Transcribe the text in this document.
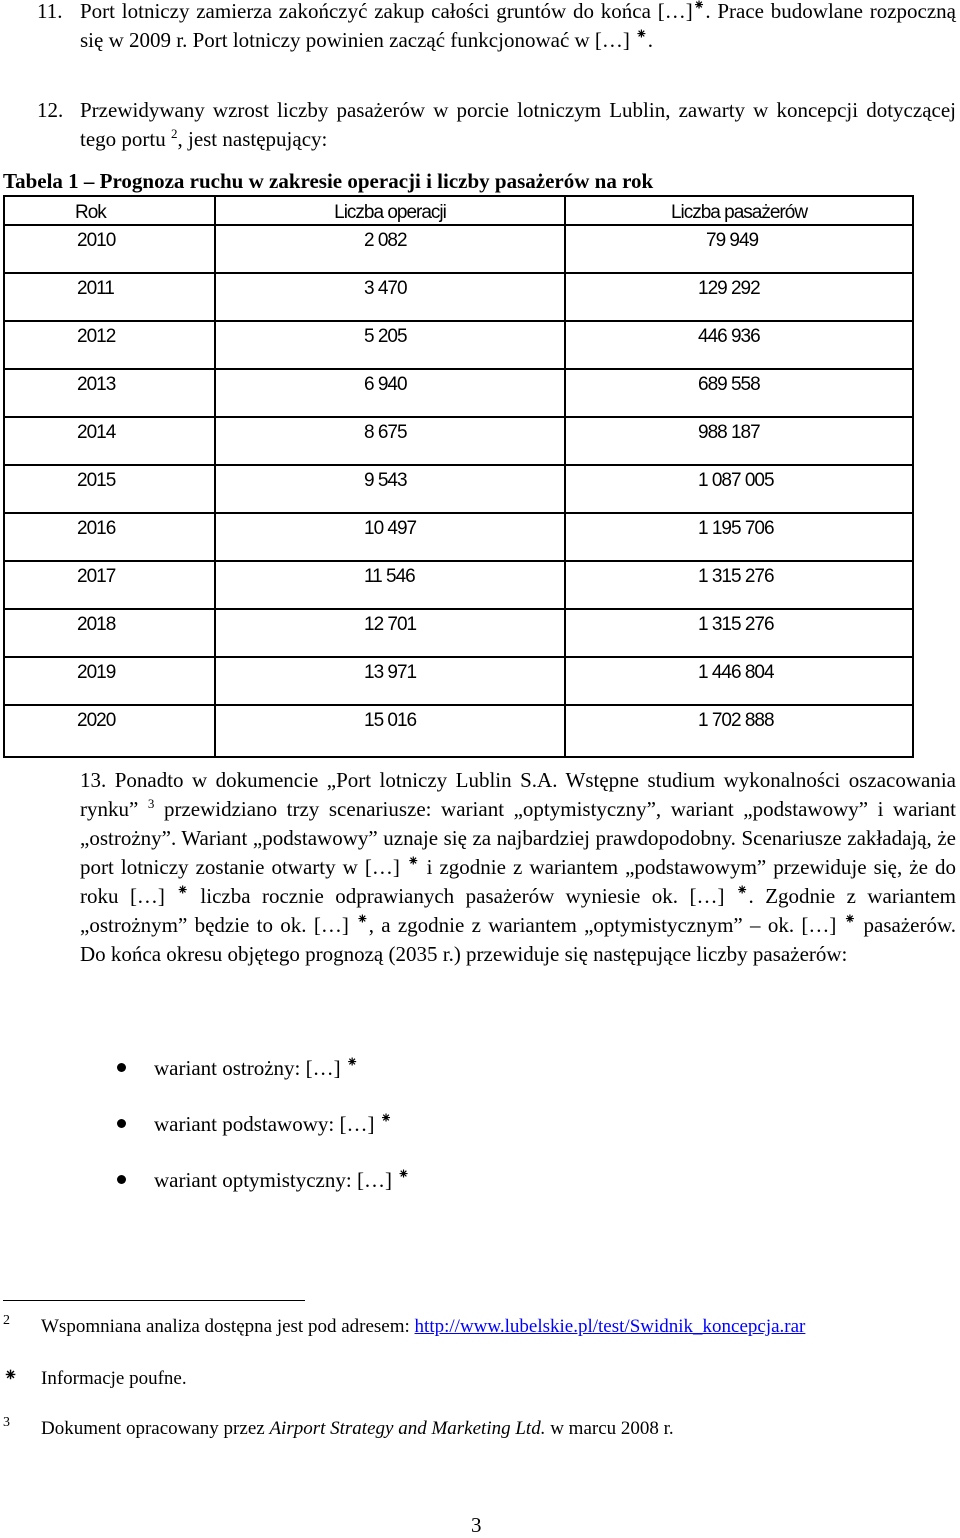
11. Port lotniczy zamierza zakończyć zakup całości gruntów do końca […]⁕. Prace budowlane rozpoczną się w 2009 r. Port lotniczy powinien zacząć funkcjonować w […] ⁕.
12. Przewidywany wzrost liczby pasażerów w porcie lotniczym Lublin, zawarty w koncepcji dotyczącej tego portu $^2$, jest następujący:
Tabela 1 – Prognoza ruchu w zakresie operacji i liczby pasażerów na rok
Rok	Liczba operacji	Liczba pasażerów
2010	2 082	79 949
2011	3 470	129 292
2012	5 205	446 936
2013	6 940	689 558
2014	8 675	988 187
2015	9 543	1 087 005
2016	10 497	1 195 706
2017	11 546	1 315 276
2018	12 701	1 315 276
2019	13 971	1 446 804
2020	15 016	1 702 888
13. Ponadto w dokumencie „Port lotniczy Lublin S.A. Wstępne studium wykonalności oszacowania rynku” $^3$ przewidziano trzy scenariusze: wariant „optymistyczny”, wariant „podstawowy” i wariant „ostrożny”. Wariant „podstawowy” uznaje się za najbardziej prawdopodobny. Scenariusze zakładają, że port lotniczy zostanie otwarty w […] ⁕ i zgodnie z wariantem „podstawowym” przewiduje się, że do roku […] ⁕ liczba rocznie odprawianych pasażerów wyniesie ok. […] ⁕. Zgodnie z wariantem „ostrożnym” będzie to ok. […] ⁕, a zgodnie z wariantem „optymistycznym” – ok. […] ⁕ pasażerów. Do końca okresu objętego prognozą (2035 r.) przewiduje się następujące liczby pasażerów:
wariant ostrożny: […] ⁕
wariant podstawowy: […] ⁕
wariant optymistyczny: […] ⁕
2 Wspomniana analiza dostępna jest pod adresem: http://www.lubelskie.pl/test/Swidnik_koncepcja.rar
⁕ Informacje poufne.
3 Dokument opracowany przez Airport Strategy and Marketing Ltd. w marcu 2008 r.
3
